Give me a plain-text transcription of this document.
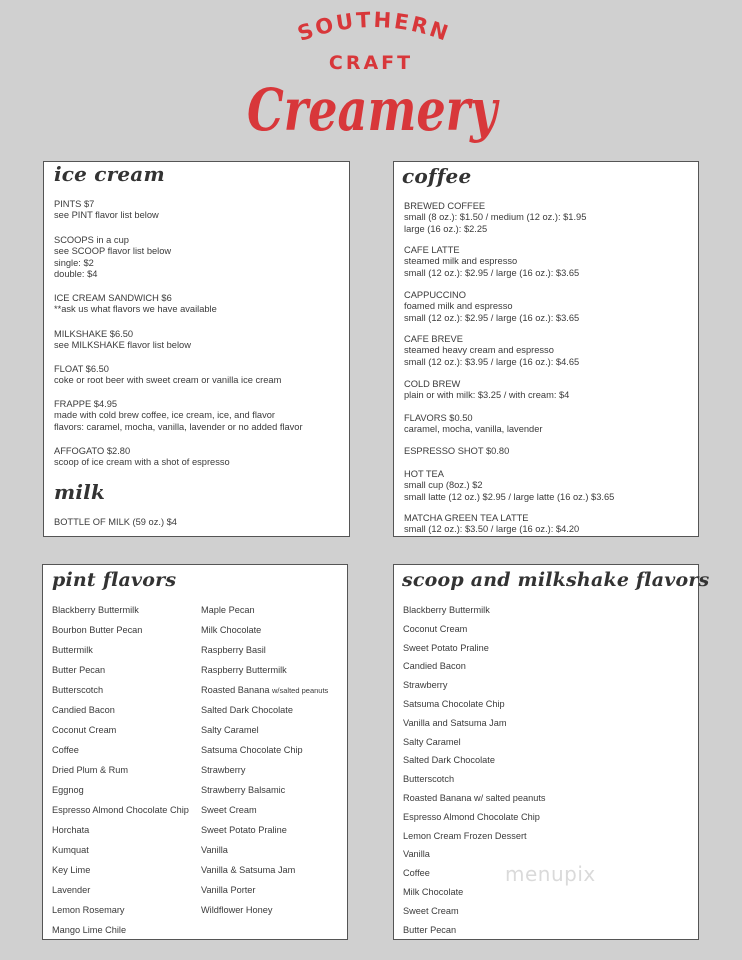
SOUTHERN
CRAFT
Creamery
ice cream
PINTS $7
see PINT flavor list below
SCOOPS in a cup
see SCOOP flavor list below
single: $2
double: $4
ICE CREAM SANDWICH $6
**ask us what flavors we have available
MILKSHAKE $6.50
see MILKSHAKE flavor list below
FLOAT $6.50
coke or root beer with sweet cream or vanilla ice cream
FRAPPE $4.95
made with cold brew coffee, ice cream, ice, and flavor
flavors: caramel, mocha, vanilla, lavender or no added flavor
AFFOGATO $2.80
scoop of ice cream with a shot of espresso
milk
BOTTLE OF MILK (59 oz.) $4
coffee
BREWED COFFEE
small (8 oz.): $1.50 / medium (12 oz.): $1.95
large (16 oz.): $2.25
CAFE LATTE
steamed milk and espresso
small (12 oz.): $2.95 / large (16 oz.): $3.65
CAPPUCCINO
foamed milk and espresso
small (12 oz.): $2.95 / large (16 oz.): $3.65
CAFE BREVE
steamed heavy cream and espresso
small (12 oz.): $3.95 / large (16 oz.): $4.65
COLD BREW
plain or with milk: $3.25 / with cream: $4
FLAVORS $0.50
caramel, mocha, vanilla, lavender
ESPRESSO SHOT $0.80
HOT TEA
small cup (8oz.) $2
small latte (12 oz.) $2.95 / large latte (16 oz.) $3.65
MATCHA GREEN TEA LATTE
small (12 oz.): $3.50 / large (16 oz.): $4.20
pint flavors
Blackberry Buttermilk
Bourbon Butter Pecan
Buttermilk
Butter Pecan
Butterscotch
Candied Bacon
Coconut Cream
Coffee
Dried Plum & Rum
Eggnog
Espresso Almond Chocolate Chip
Horchata
Kumquat
Key Lime
Lavender
Lemon Rosemary
Mango Lime Chile
Maple Pecan
Milk Chocolate
Raspberry Basil
Raspberry Buttermilk
Roasted Banana w/salted peanuts
Salted Dark Chocolate
Salty Caramel
Satsuma Chocolate Chip
Strawberry
Strawberry Balsamic
Sweet Cream
Sweet Potato Praline
Vanilla
Vanilla & Satsuma Jam
Vanilla Porter
Wildflower Honey
scoop and milkshake flavors
Blackberry Buttermilk
Coconut Cream
Sweet Potato Praline
Candied Bacon
Strawberry
Satsuma Chocolate Chip
Vanilla and Satsuma Jam
Salty Caramel
Salted Dark Chocolate
Butterscotch
Roasted Banana w/ salted peanuts
Espresso Almond Chocolate Chip
Lemon Cream Frozen Dessert
Vanilla
Coffee
Milk Chocolate
Sweet Cream
Butter Pecan
menupix
